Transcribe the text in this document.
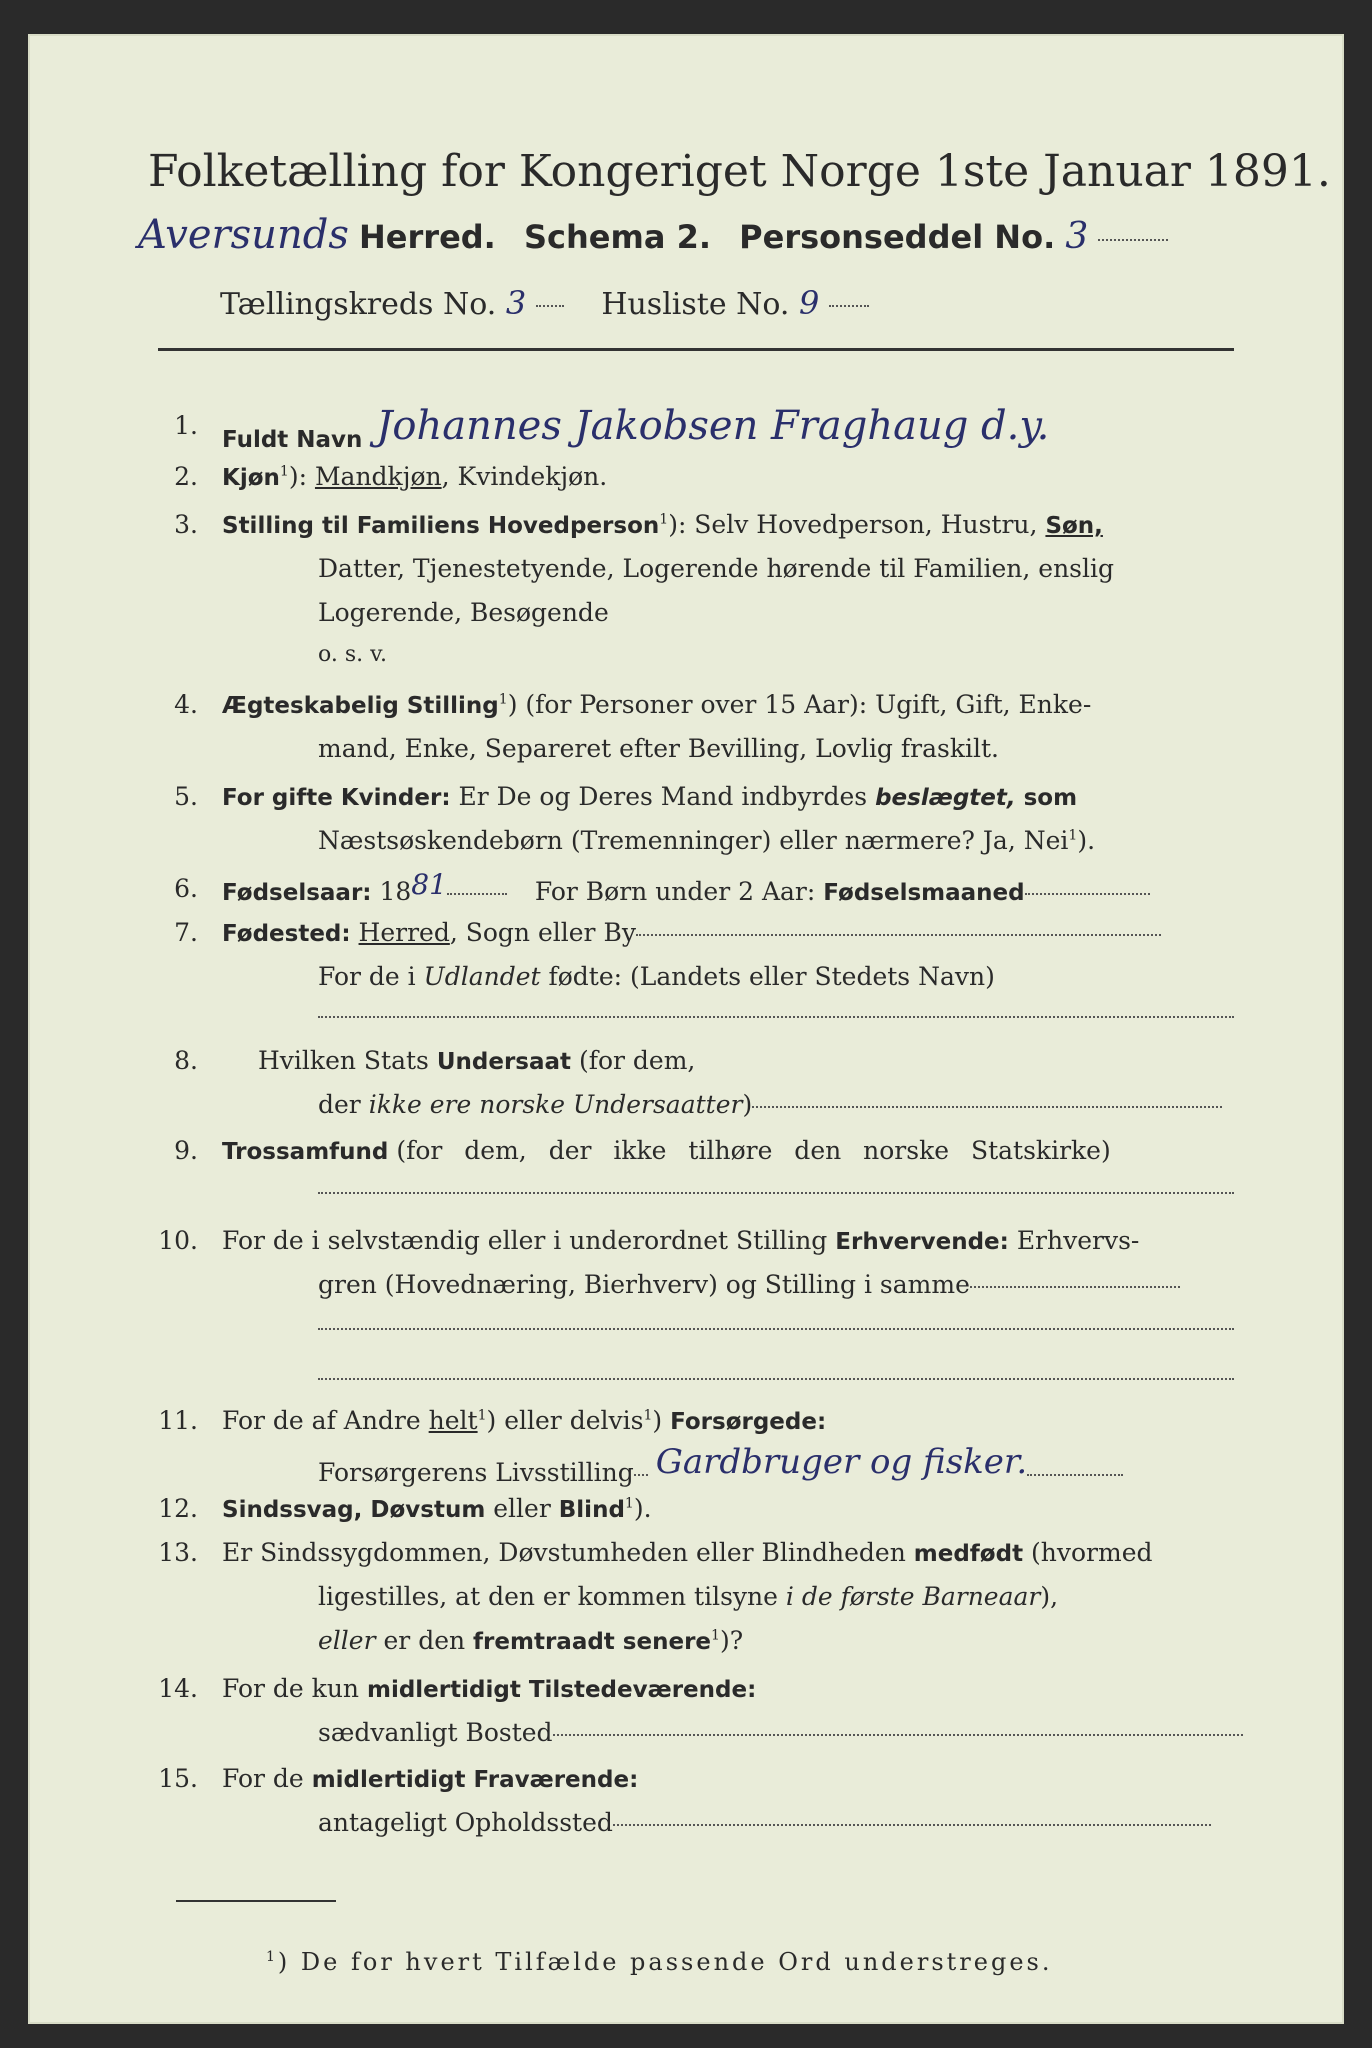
Folketælling for Kongeriget Norge 1ste Januar 1891.
Aversunds Herred. Schema 2. Personseddel No. 3
Tællingskreds No. 3	Husliste No. 9
1. Fuldt Navn Johannes Jakobsen Fraghaug d.y.
2. Kjøn$^1$): Mandkjøn, Kvindekjøn.
3. Stilling til Familiens Hovedperson$^1$): Selv Hovedperson, Hustru, Søn,
Datter, Tjenestetyende, Logerende hørende til Familien, enslig
Logerende, Besøgende
o. s. v.
4. Ægteskabelig Stilling$^1$) (for Personer over 15 Aar): Ugift, Gift, Enke-
mand, Enke, Separeret efter Bevilling, Lovlig fraskilt.
5. For gifte Kvinder: Er De og Deres Mand indbyrdes beslægtet, som
Næstsøskendebørn (Tremenninger) eller nærmere? Ja, Nei$^1$).
6. Fødselsaar: 1881	For Børn under 2 Aar: Fødselsmaaned
7. Fødested: Herred, Sogn eller By
For de i Udlandet fødte: (Landets eller Stedets Navn)
8. Hvilken Stats Undersaat (for dem,
der ikke ere norske Undersaatter)
9. Trossamfund (for dem, der ikke tilhøre den norske Statskirke)
10. For de i selvstændig eller i underordnet Stilling Erhvervende: Erhvervs-
gren (Hovednæring, Bierhverv) og Stilling i samme
11. For de af Andre helt$^1$) eller delvis$^1$) Forsørgede:
Forsørgerens Livsstilling Gardbruger og fisker.
12. Sindssvag, Døvstum eller Blind$^1$).
13. Er Sindssygdommen, Døvstumheden eller Blindheden medfødt (hvormed
ligestilles, at den er kommen tilsyne i de første Barneaar),
eller er den fremtraadt senere$^1$)?
14. For de kun midlertidigt Tilstedeværende:
sædvanligt Bosted
15. For de midlertidigt Fraværende:
antageligt Opholdssted
$^1$) De for hvert Tilfælde passende Ord understreges.
